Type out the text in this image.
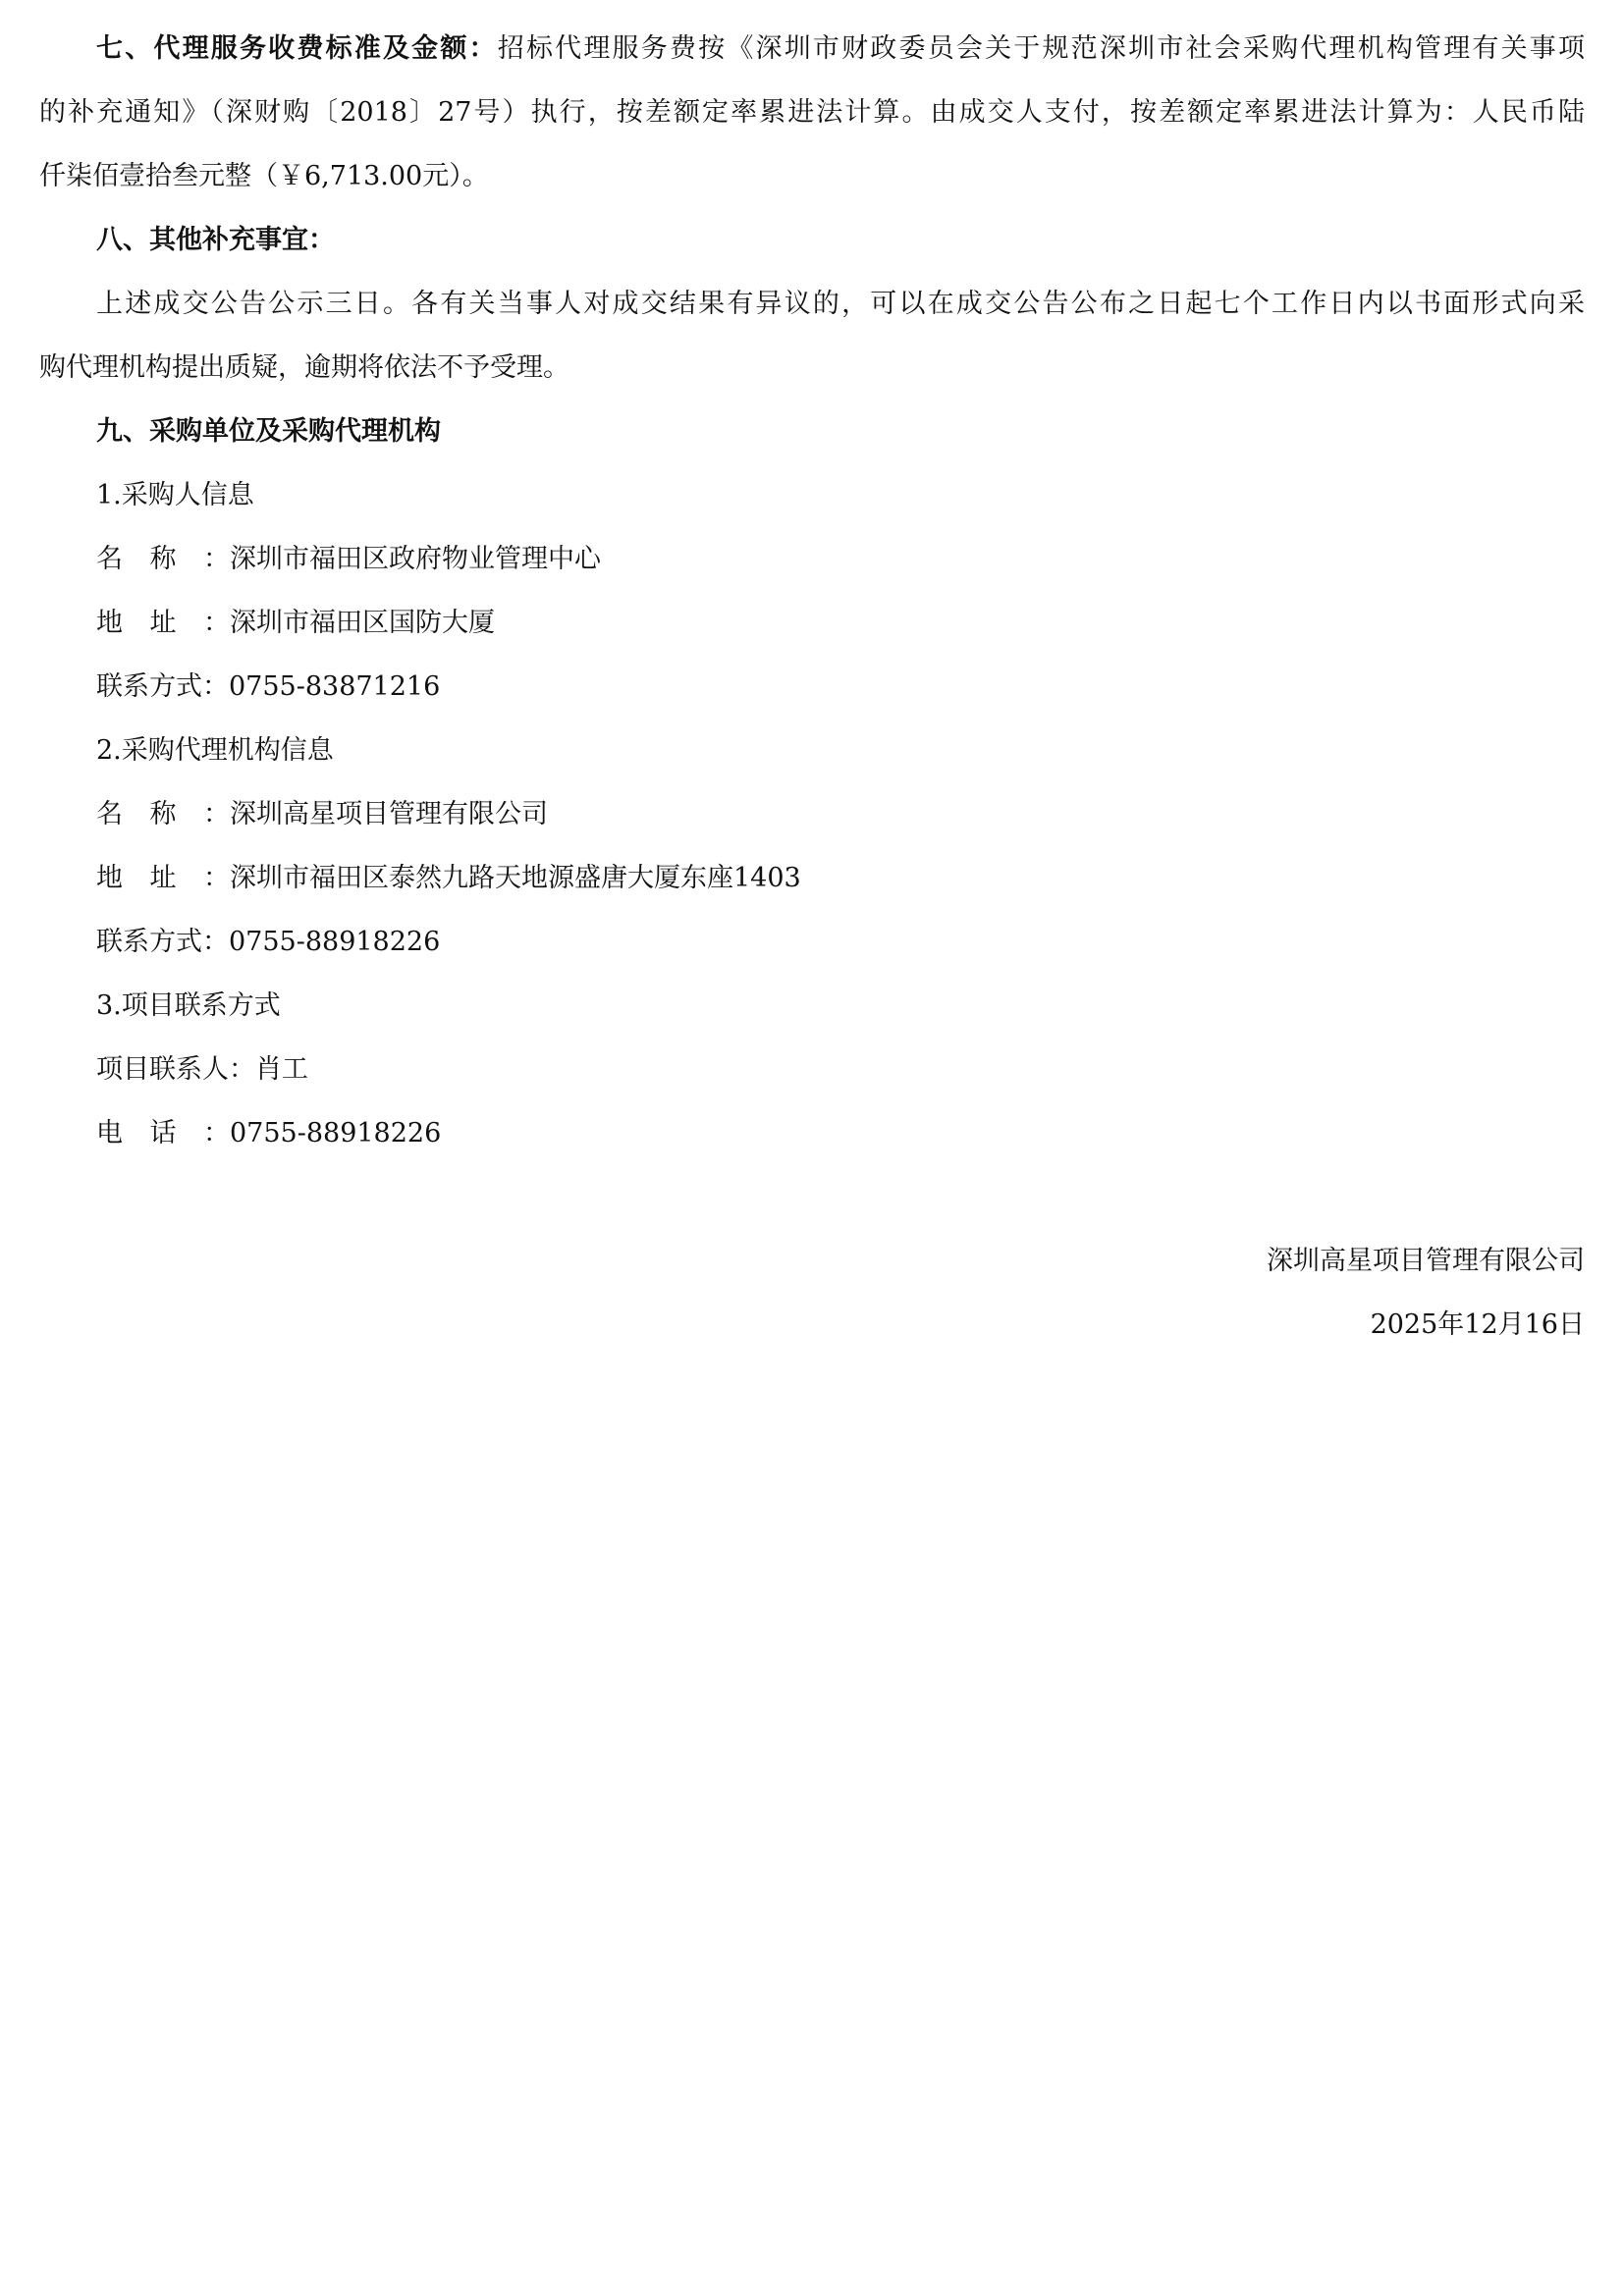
七、代理服务收费标准及金额：招标代理服务费按《深圳市财政委员会关于规范深圳市社会采购代理机构管理有关事项
的补充通知》（深财购〔2018〕27号）执行，按差额定率累进法计算。由成交人支付，按差额定率累进法计算为：人民币陆
仟柒佰壹拾叁元整（￥6,713.00元）。
八、其他补充事宜：
上述成交公告公示三日。各有关当事人对成交结果有异议的，可以在成交公告公布之日起七个工作日内以书面形式向采
购代理机构提出质疑，逾期将依法不予受理。
九、采购单位及采购代理机构
1.采购人信息
名称：深圳市福田区政府物业管理中心
地址：深圳市福田区国防大厦
联系方式：0755-83871216
2.采购代理机构信息
名称：深圳高星项目管理有限公司
地址：深圳市福田区泰然九路天地源盛唐大厦东座1403
联系方式：0755-88918226
3.项目联系方式
项目联系人：肖工
电话：0755-88918226
深圳高星项目管理有限公司
2025年12月16日
